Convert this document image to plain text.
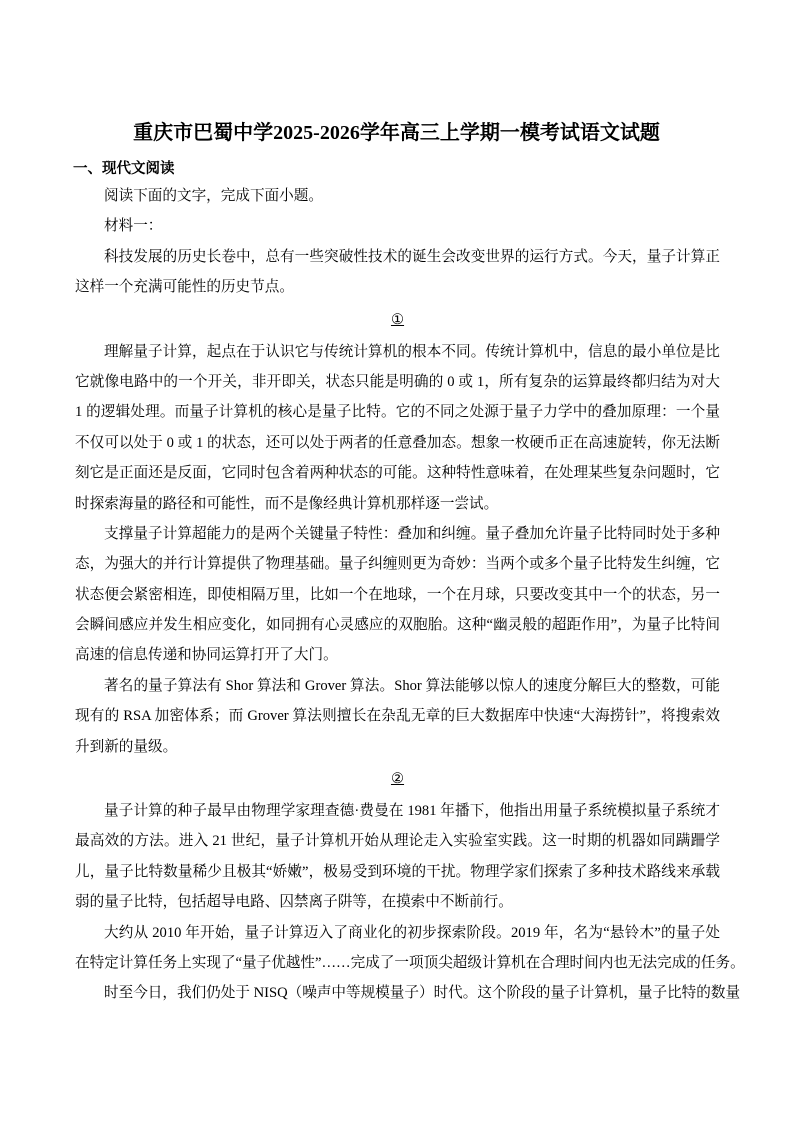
重庆市巴蜀中学2025-2026学年高三上学期一模考试语文试题
一、现代文阅读
阅读下面的文字，完成下面小题。
材料一：
科技发展的历史长卷中，总有一些突破性技术的诞生会改变世界的运行方式。今天，量子计算正
这样一个充满可能性的历史节点。
①
理解量子计算，起点在于认识它与传统计算机的根本不同。传统计算机中，信息的最小单位是比
它就像电路中的一个开关，非开即关，状态只能是明确的 0 或 1，所有复杂的运算最终都归结为对大
1 的逻辑处理。而量子计算机的核心是量子比特。它的不同之处源于量子力学中的叠加原理：一个量
不仅可以处于 0 或 1 的状态，还可以处于两者的任意叠加态。想象一枚硬币正在高速旋转，你无法断
刻它是正面还是反面，它同时包含着两种状态的可能。这种特性意味着，在处理某些复杂问题时，它
时探索海量的路径和可能性，而不是像经典计算机那样逐一尝试。
支撑量子计算超能力的是两个关键量子特性：叠加和纠缠。量子叠加允许量子比特同时处于多种
态，为强大的并行计算提供了物理基础。量子纠缠则更为奇妙：当两个或多个量子比特发生纠缠，它
状态便会紧密相连，即使相隔万里，比如一个在地球，一个在月球，只要改变其中一个的状态，另一
会瞬间感应并发生相应变化，如同拥有心灵感应的双胞胎。这种“幽灵般的超距作用”，为量子比特间
高速的信息传递和协同运算打开了大门。
著名的量子算法有 Shor 算法和 Grover 算法。Shor 算法能够以惊人的速度分解巨大的整数，可能
现有的 RSA 加密体系；而 Grover 算法则擅长在杂乱无章的巨大数据库中快速“大海捞针”，将搜索效
升到新的量级。
②
量子计算的种子最早由物理学家理查德·费曼在 1981 年播下，他指出用量子系统模拟量子系统才
最高效的方法。进入 21 世纪，量子计算机开始从理论走入实验室实践。这一时期的机器如同蹒跚学
儿，量子比特数量稀少且极其“娇嫩”，极易受到环境的干扰。物理学家们探索了多种技术路线来承载
弱的量子比特，包括超导电路、囚禁离子阱等，在摸索中不断前行。
大约从 2010 年开始，量子计算迈入了商业化的初步探索阶段。2019 年，名为“悬铃木”的量子处
在特定计算任务上实现了“量子优越性”……完成了一项顶尖超级计算机在合理时间内也无法完成的任务。
时至今日，我们仍处于 NISQ（噪声中等规模量子）时代。这个阶段的量子计算机，量子比特的数量
